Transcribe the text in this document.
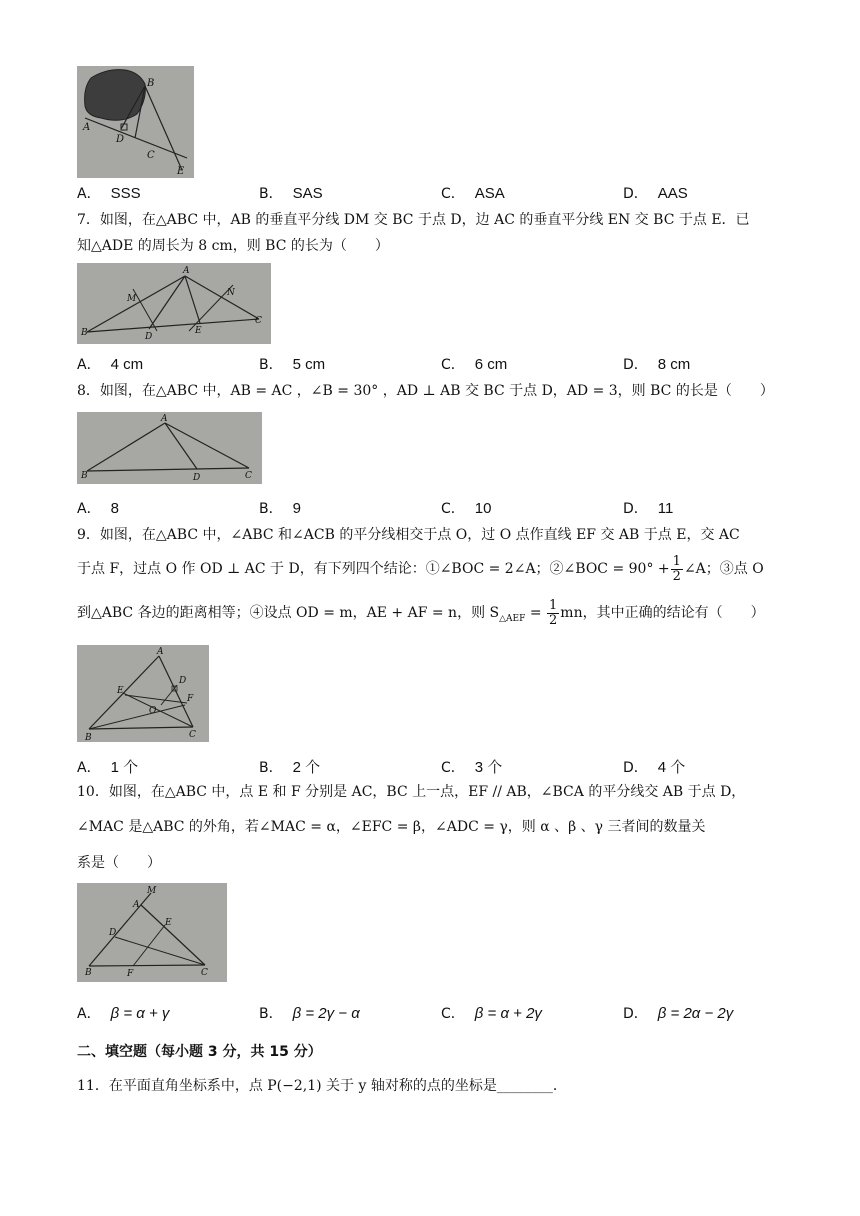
B
A
D
C
E
A． SSS	B． SAS	C． ASA	D． AAS
7．如图，在△ABC 中，AB 的垂直平分线 DM 交 BC 于点 D，边 AC 的垂直平分线 EN 交 BC 于点 E．已
知△ADE 的周长为 8 cm，则 BC 的长为（　　）
A
M
N
B	D
E
C
A． 4 cm	B． 5 cm	C． 6 cm	D． 8 cm
8．如图，在△ABC 中，AB = AC ，∠B = 30° ，AD ⊥ AB 交 BC 于点 D，AD = 3，则 BC 的长是（　　）
A
B	D	C
A． 8	B． 9	C． 10	D． 11
9．如图，在△ABC 中，∠ABC 和∠ACB 的平分线相交于点 O，过 O 点作直线 EF 交 AB 于点 E，交 AC
于点 F，过点 O 作 OD ⊥ AC 于 D，有下列四个结论：①∠BOC = 2∠A；②∠BOC = $90^\circ + \frac{1}{2}$ ∠A；③点 O
到△ABC 各边的距离相等；④设点 OD = m，AE + AF = n，则 $S_{\triangle AEF} = \frac{1}{2}$ mn，其中正确的结论有（　　）
A
D
E
F
O
B	C
A． 1 个	B． 2 个	C． 3 个	D． 4 个
10．如图，在△ABC 中，点 E 和 F 分别是 AC，BC 上一点，EF // AB，∠BCA 的平分线交 AB 于点 D，
∠MAC 是△ABC 的外角，若∠MAC = α，∠EFC = β，∠ADC = γ，则 α 、β 、γ 三者间的数量关
系是（　　）
M
A
E
D
B	F	C
A． β = α + γ	B． β = 2γ − α	C． β = α + 2γ	D． β = 2α − 2γ
二、填空题（每小题 3 分，共 15 分）
11．在平面直角坐标系中，点 P(−2,1) 关于 y 轴对称的点的坐标是________．
